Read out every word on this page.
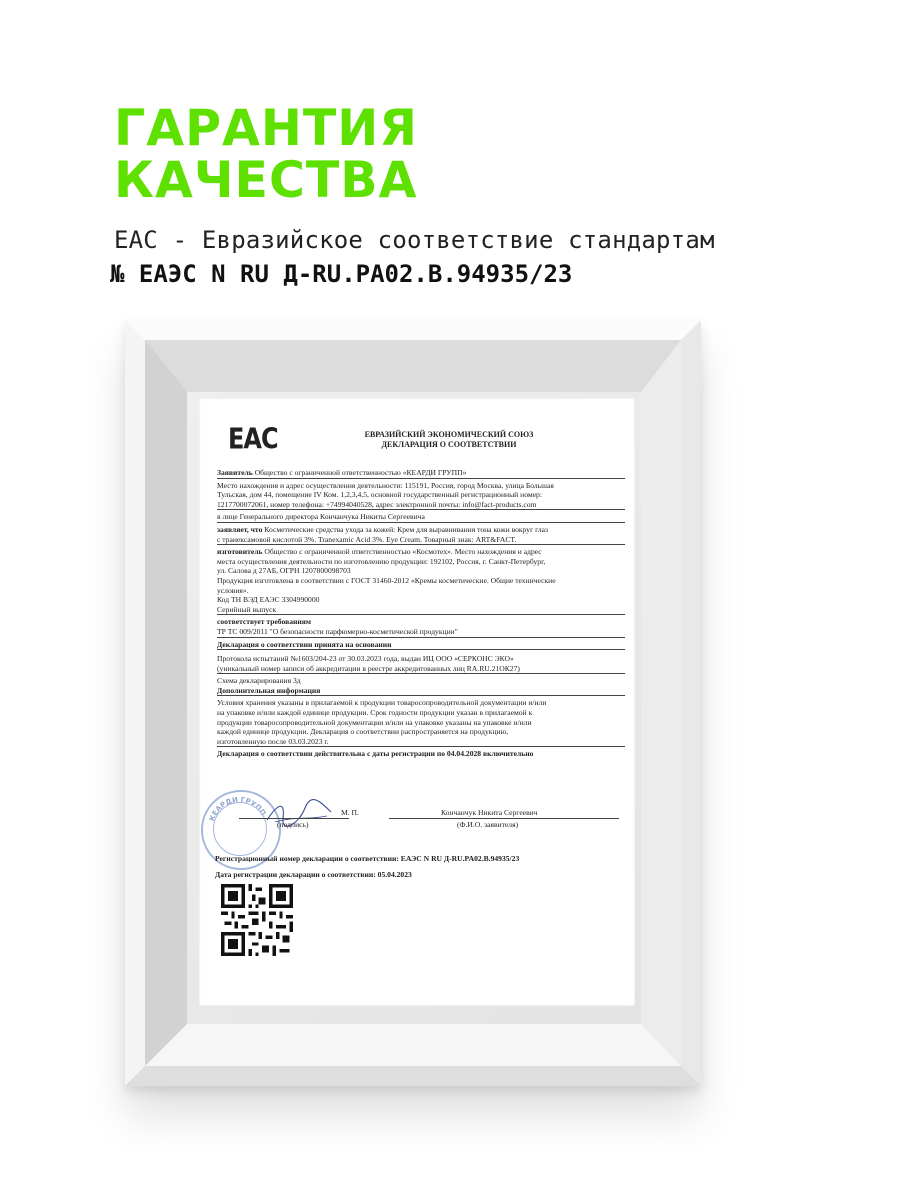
ГАРАНТИЯ
КАЧЕСТВА
EAC - Евразийское соответствие стандартам
№ ЕАЭС N RU Д-RU.PA02.B.94935/23
ЕАС	ЕВРАЗИЙСКИЙ ЭКОНОМИЧЕСКИЙ СОЮЗ
ДЕКЛАРАЦИЯ О СООТВЕТСТВИИ
Заявитель Общество с ограниченной ответственностью «КЕАРДИ ГРУПП»
Место нахождения и адрес осуществления деятельности: 115191, Россия, город Москва, улица Большая
Тульская, дом 44, помещение IV Ком. 1,2,3,4,5, основной государственный регистрационный номер:
1217700072061, номер телефона: +74994040528, адрес электронной почты: info@fact-products.com
в лице Генерального директора Кончанчука Никиты Сергеевича
заявляет, что Косметические средства ухода за кожей: Крем для выравнивания тона кожи вокруг глаз
с транексамовой кислотой 3%. Tranexamic Acid 3%. Eye Cream. Товарный знак: ART&FACT.
изготовитель Общество с ограниченной ответственностью «Космотех». Место нахождения и адрес
места осуществления деятельности по изготовлению продукции: 192102, Россия, г. Санкт-Петербург,
ул. Салова д 27АБ, ОГРН 1207800098703
Продукция изготовлена в соответствии с ГОСТ 31460-2012 «Кремы косметические. Общие технические
условия».
Код ТН ВЭД ЕАЭС 3304990000
Серийный выпуск
соответствует требованиям
ТР ТС 009/2011 "О безопасности парфюмерно-косметической продукции"
Декларация о соответствии принята на основании
Протокола испытаний №1603/204-23 от 30.03.2023 года, выдан ИЦ ООО «СЕРКОНС ЭКО»
(уникальный номер записи об аккредитации в реестре аккредитованных лиц RA.RU.21ОК27)
Схема декларирования 3д
Дополнительная информация
Условия хранения указаны в прилагаемой к продукции товаросопроводительной документации и/или
на упаковке и/или каждой единице продукции. Срок годности продукции указан в прилагаемой к
продукции товаросопроводительной документации и/или на упаковке указаны на упаковке и/или
каждой единице продукции. Декларация о соответствии распространяется на продукцию,
изготовленную после 03.03.2023 г.
Декларация о соответствии действительна с даты регистрации по 04.04.2028 включительно
КЕАРДИ ГРУПП
(подпись)
М. П.	Кончанчук Никита Сергеевич
(Ф.И.О. заявителя)
Регистрационный номер декларации о соответствии: ЕАЭС N RU Д-RU.PA02.B.94935/23
Дата регистрации декларации о соответствии: 05.04.2023
